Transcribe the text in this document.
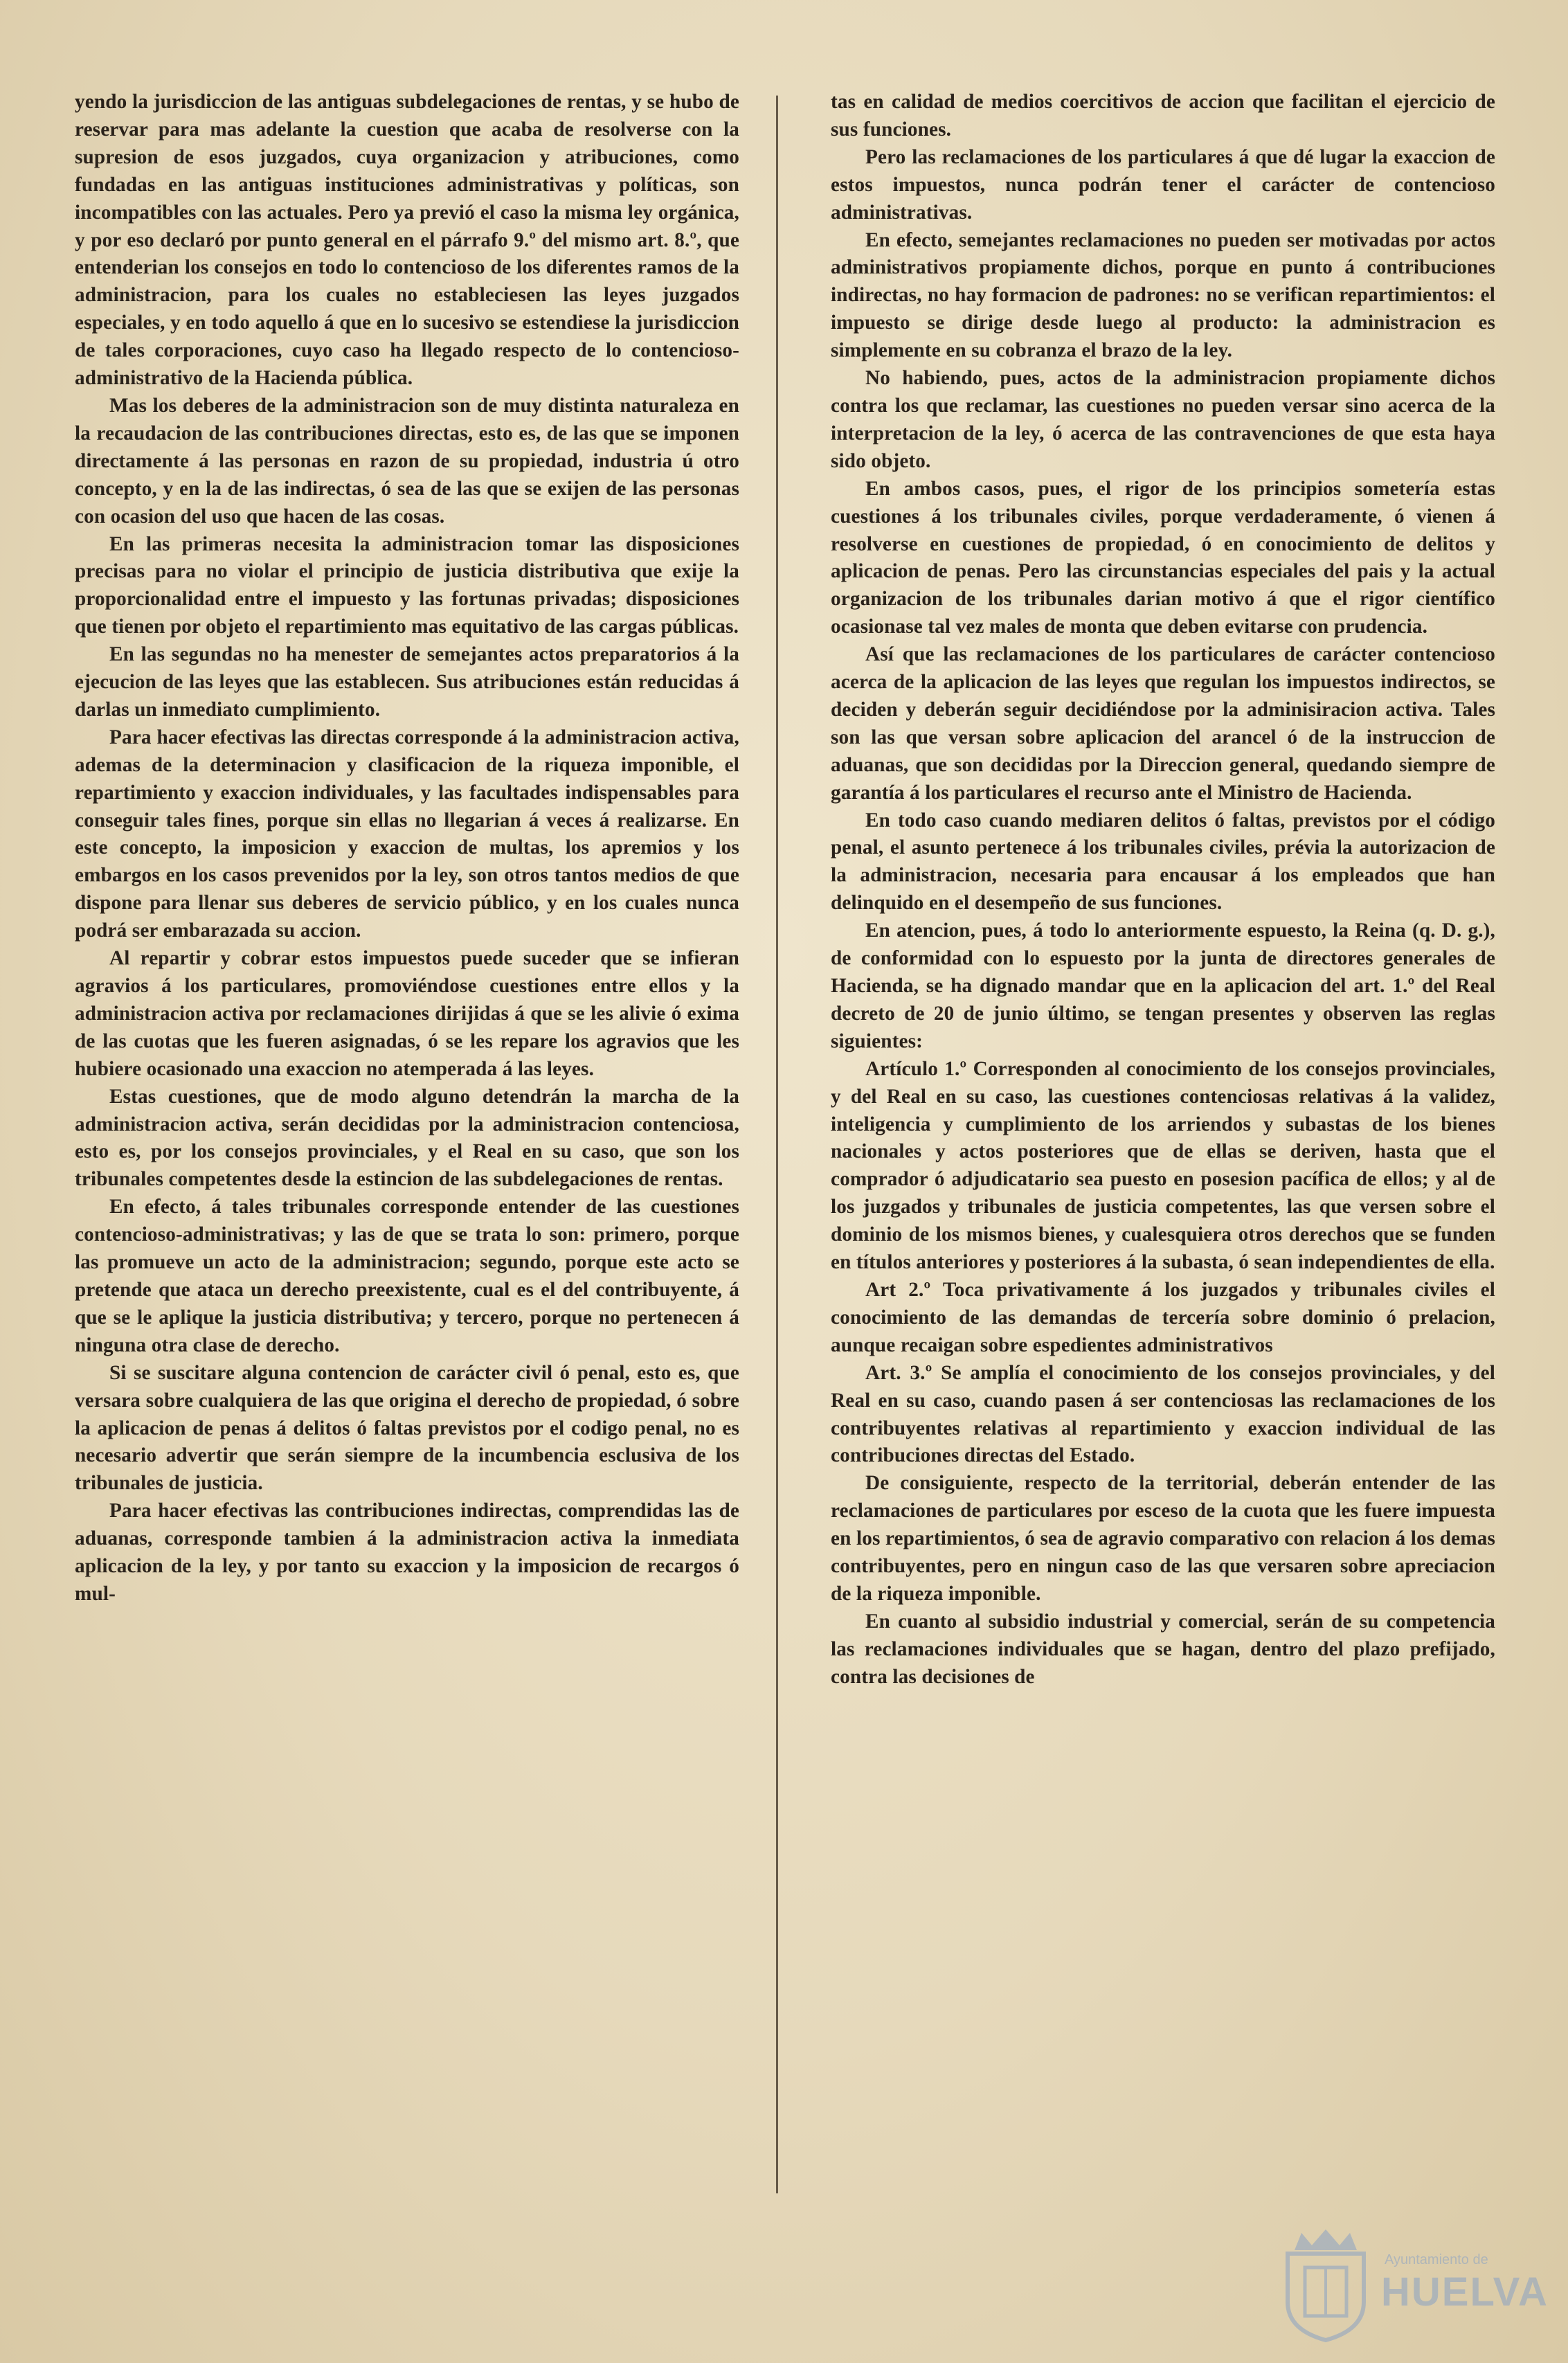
yendo la jurisdiccion de las antiguas subdelegaciones de rentas, y se hubo de reservar para mas adelante la cuestion que acaba de resolverse con la supresion de esos juzgados, cuya organizacion y atribuciones, como fundadas en las antiguas instituciones administrativas y políticas, son incompatibles con las actuales. Pero ya previó el caso la misma ley orgánica, y por eso declaró por punto general en el párrafo 9.º del mismo art. 8.º, que entenderian los consejos en todo lo contencioso de los diferentes ramos de la administracion, para los cuales no estableciesen las leyes juzgados especiales, y en todo aquello á que en lo sucesivo se estendiese la jurisdiccion de tales corporaciones, cuyo caso ha llegado respecto de lo contencioso-administrativo de la Hacienda pública.

Mas los deberes de la administracion son de muy distinta naturaleza en la recaudacion de las contribuciones directas, esto es, de las que se imponen directamente á las personas en razon de su propiedad, industria ú otro concepto, y en la de las indirectas, ó sea de las que se exijen de las personas con ocasion del uso que hacen de las cosas.

En las primeras necesita la administracion tomar las disposiciones precisas para no violar el principio de justicia distributiva que exije la proporcionalidad entre el impuesto y las fortunas privadas; disposiciones que tienen por objeto el repartimiento mas equitativo de las cargas públicas.

En las segundas no ha menester de semejantes actos preparatorios á la ejecucion de las leyes que las establecen. Sus atribuciones están reducidas á darlas un inmediato cumplimiento.

Para hacer efectivas las directas corresponde á la administracion activa, ademas de la determinacion y clasificacion de la riqueza imponible, el repartimiento y exaccion individuales, y las facultades indispensables para conseguir tales fines, porque sin ellas no llegarian á veces á realizarse. En este concepto, la imposicion y exaccion de multas, los apremios y los embargos en los casos prevenidos por la ley, son otros tantos medios de que dispone para llenar sus deberes de servicio público, y en los cuales nunca podrá ser embarazada su accion.

Al repartir y cobrar estos impuestos puede suceder que se infieran agravios á los particulares, promoviéndose cuestiones entre ellos y la administracion activa por reclamaciones dirijidas á que se les alivie ó exima de las cuotas que les fueren asignadas, ó se les repare los agravios que les hubiere ocasionado una exaccion no atemperada á las leyes.

Estas cuestiones, que de modo alguno detendrán la marcha de la administracion activa, serán decididas por la administracion contenciosa, esto es, por los consejos provinciales, y el Real en su caso, que son los tribunales competentes desde la estincion de las subdelegaciones de rentas.

En efecto, á tales tribunales corresponde entender de las cuestiones contencioso-administrativas; y las de que se trata lo son: primero, porque las promueve un acto de la administracion; segundo, porque este acto se pretende que ataca un derecho preexistente, cual es el del contribuyente, á que se le aplique la justicia distributiva; y tercero, porque no pertenecen á ninguna otra clase de derecho.

Si se suscitare alguna contencion de carácter civil ó penal, esto es, que versara sobre cualquiera de las que origina el derecho de propiedad, ó sobre la aplicacion de penas á delitos ó faltas previstos por el codigo penal, no es necesario advertir que serán siempre de la incumbencia esclusiva de los tribunales de justicia.

Para hacer efectivas las contribuciones indirectas, comprendidas las de aduanas, corresponde tambien á la administracion activa la inmediata aplicacion de la ley, y por tanto su exaccion y la imposicion de recargos ó mul-

tas en calidad de medios coercitivos de accion que facilitan el ejercicio de sus funciones.

Pero las reclamaciones de los particulares á que dé lugar la exaccion de estos impuestos, nunca podrán tener el carácter de contencioso administrativas.

En efecto, semejantes reclamaciones no pueden ser motivadas por actos administrativos propiamente dichos, porque en punto á contribuciones indirectas, no hay formacion de padrones: no se verifican repartimientos: el impuesto se dirige desde luego al producto: la administracion es simplemente en su cobranza el brazo de la ley.

No habiendo, pues, actos de la administracion propiamente dichos contra los que reclamar, las cuestiones no pueden versar sino acerca de la interpretacion de la ley, ó acerca de las contravenciones de que esta haya sido objeto.

En ambos casos, pues, el rigor de los principios sometería estas cuestiones á los tribunales civiles, porque verdaderamente, ó vienen á resolverse en cuestiones de propiedad, ó en conocimiento de delitos y aplicacion de penas. Pero las circunstancias especiales del pais y la actual organizacion de los tribunales darian motivo á que el rigor científico ocasionase tal vez males de monta que deben evitarse con prudencia.

Así que las reclamaciones de los particulares de carácter contencioso acerca de la aplicacion de las leyes que regulan los impuestos indirectos, se deciden y deberán seguir decidiéndose por la adminisiracion activa. Tales son las que versan sobre aplicacion del arancel ó de la instruccion de aduanas, que son decididas por la Direccion general, quedando siempre de garantía á los particulares el recurso ante el Ministro de Hacienda.

En todo caso cuando mediaren delitos ó faltas, previstos por el código penal, el asunto pertenece á los tribunales civiles, prévia la autorizacion de la administracion, necesaria para encausar á los empleados que han delinquido en el desempeño de sus funciones.

En atencion, pues, á todo lo anteriormente espuesto, la Reina (q. D. g.), de conformidad con lo espuesto por la junta de directores generales de Hacienda, se ha dignado mandar que en la aplicacion del art. 1.º del Real decreto de 20 de junio último, se tengan presentes y observen las reglas siguientes:

Artículo 1.º Corresponden al conocimiento de los consejos provinciales, y del Real en su caso, las cuestiones contenciosas relativas á la validez, inteligencia y cumplimiento de los arriendos y subastas de los bienes nacionales y actos posteriores que de ellas se deriven, hasta que el comprador ó adjudicatario sea puesto en posesion pacífica de ellos; y al de los juzgados y tribunales de justicia competentes, las que versen sobre el dominio de los mismos bienes, y cualesquiera otros derechos que se funden en títulos anteriores y posteriores á la subasta, ó sean independientes de ella.

Art 2.º Toca privativamente á los juzgados y tribunales civiles el conocimiento de las demandas de tercería sobre dominio ó prelacion, aunque recaigan sobre espedientes administrativos

Art. 3.º Se amplía el conocimiento de los consejos provinciales, y del Real en su caso, cuando pasen á ser contenciosas las reclamaciones de los contribuyentes relativas al repartimiento y exaccion individual de las contribuciones directas del Estado.

De consiguiente, respecto de la territorial, deberán entender de las reclamaciones de particulares por esceso de la cuota que les fuere impuesta en los repartimientos, ó sea de agravio comparativo con relacion á los demas contribuyentes, pero en ningun caso de las que versaren sobre apreciacion de la riqueza imponible.

En cuanto al subsidio industrial y comercial, serán de su competencia las reclamaciones individuales que se hagan, dentro del plazo prefijado, contra las decisiones de

Ayuntamiento de
HUELVA
